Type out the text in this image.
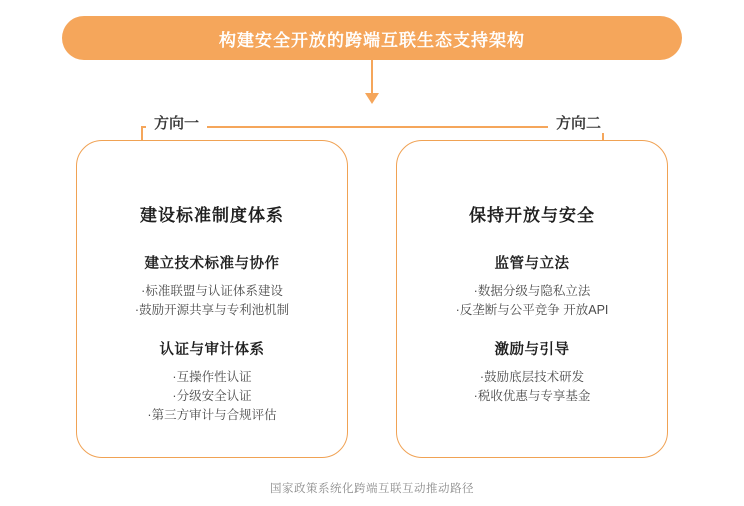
构建安全开放的跨端互联生态支持架构
方向一	方向二
建设标准制度体系
建立技术标准与协作
·标准联盟与认证体系建设
·鼓励开源共享与专利池机制
认证与审计体系
·互操作性认证
·分级安全认证
·第三方审计与合规评估
保持开放与安全
监管与立法
·数据分级与隐私立法
·反垄断与公平竞争 开放API
激励与引导
·鼓励底层技术研发
·税收优惠与专享基金
国家政策系统化跨端互联互动推动路径
